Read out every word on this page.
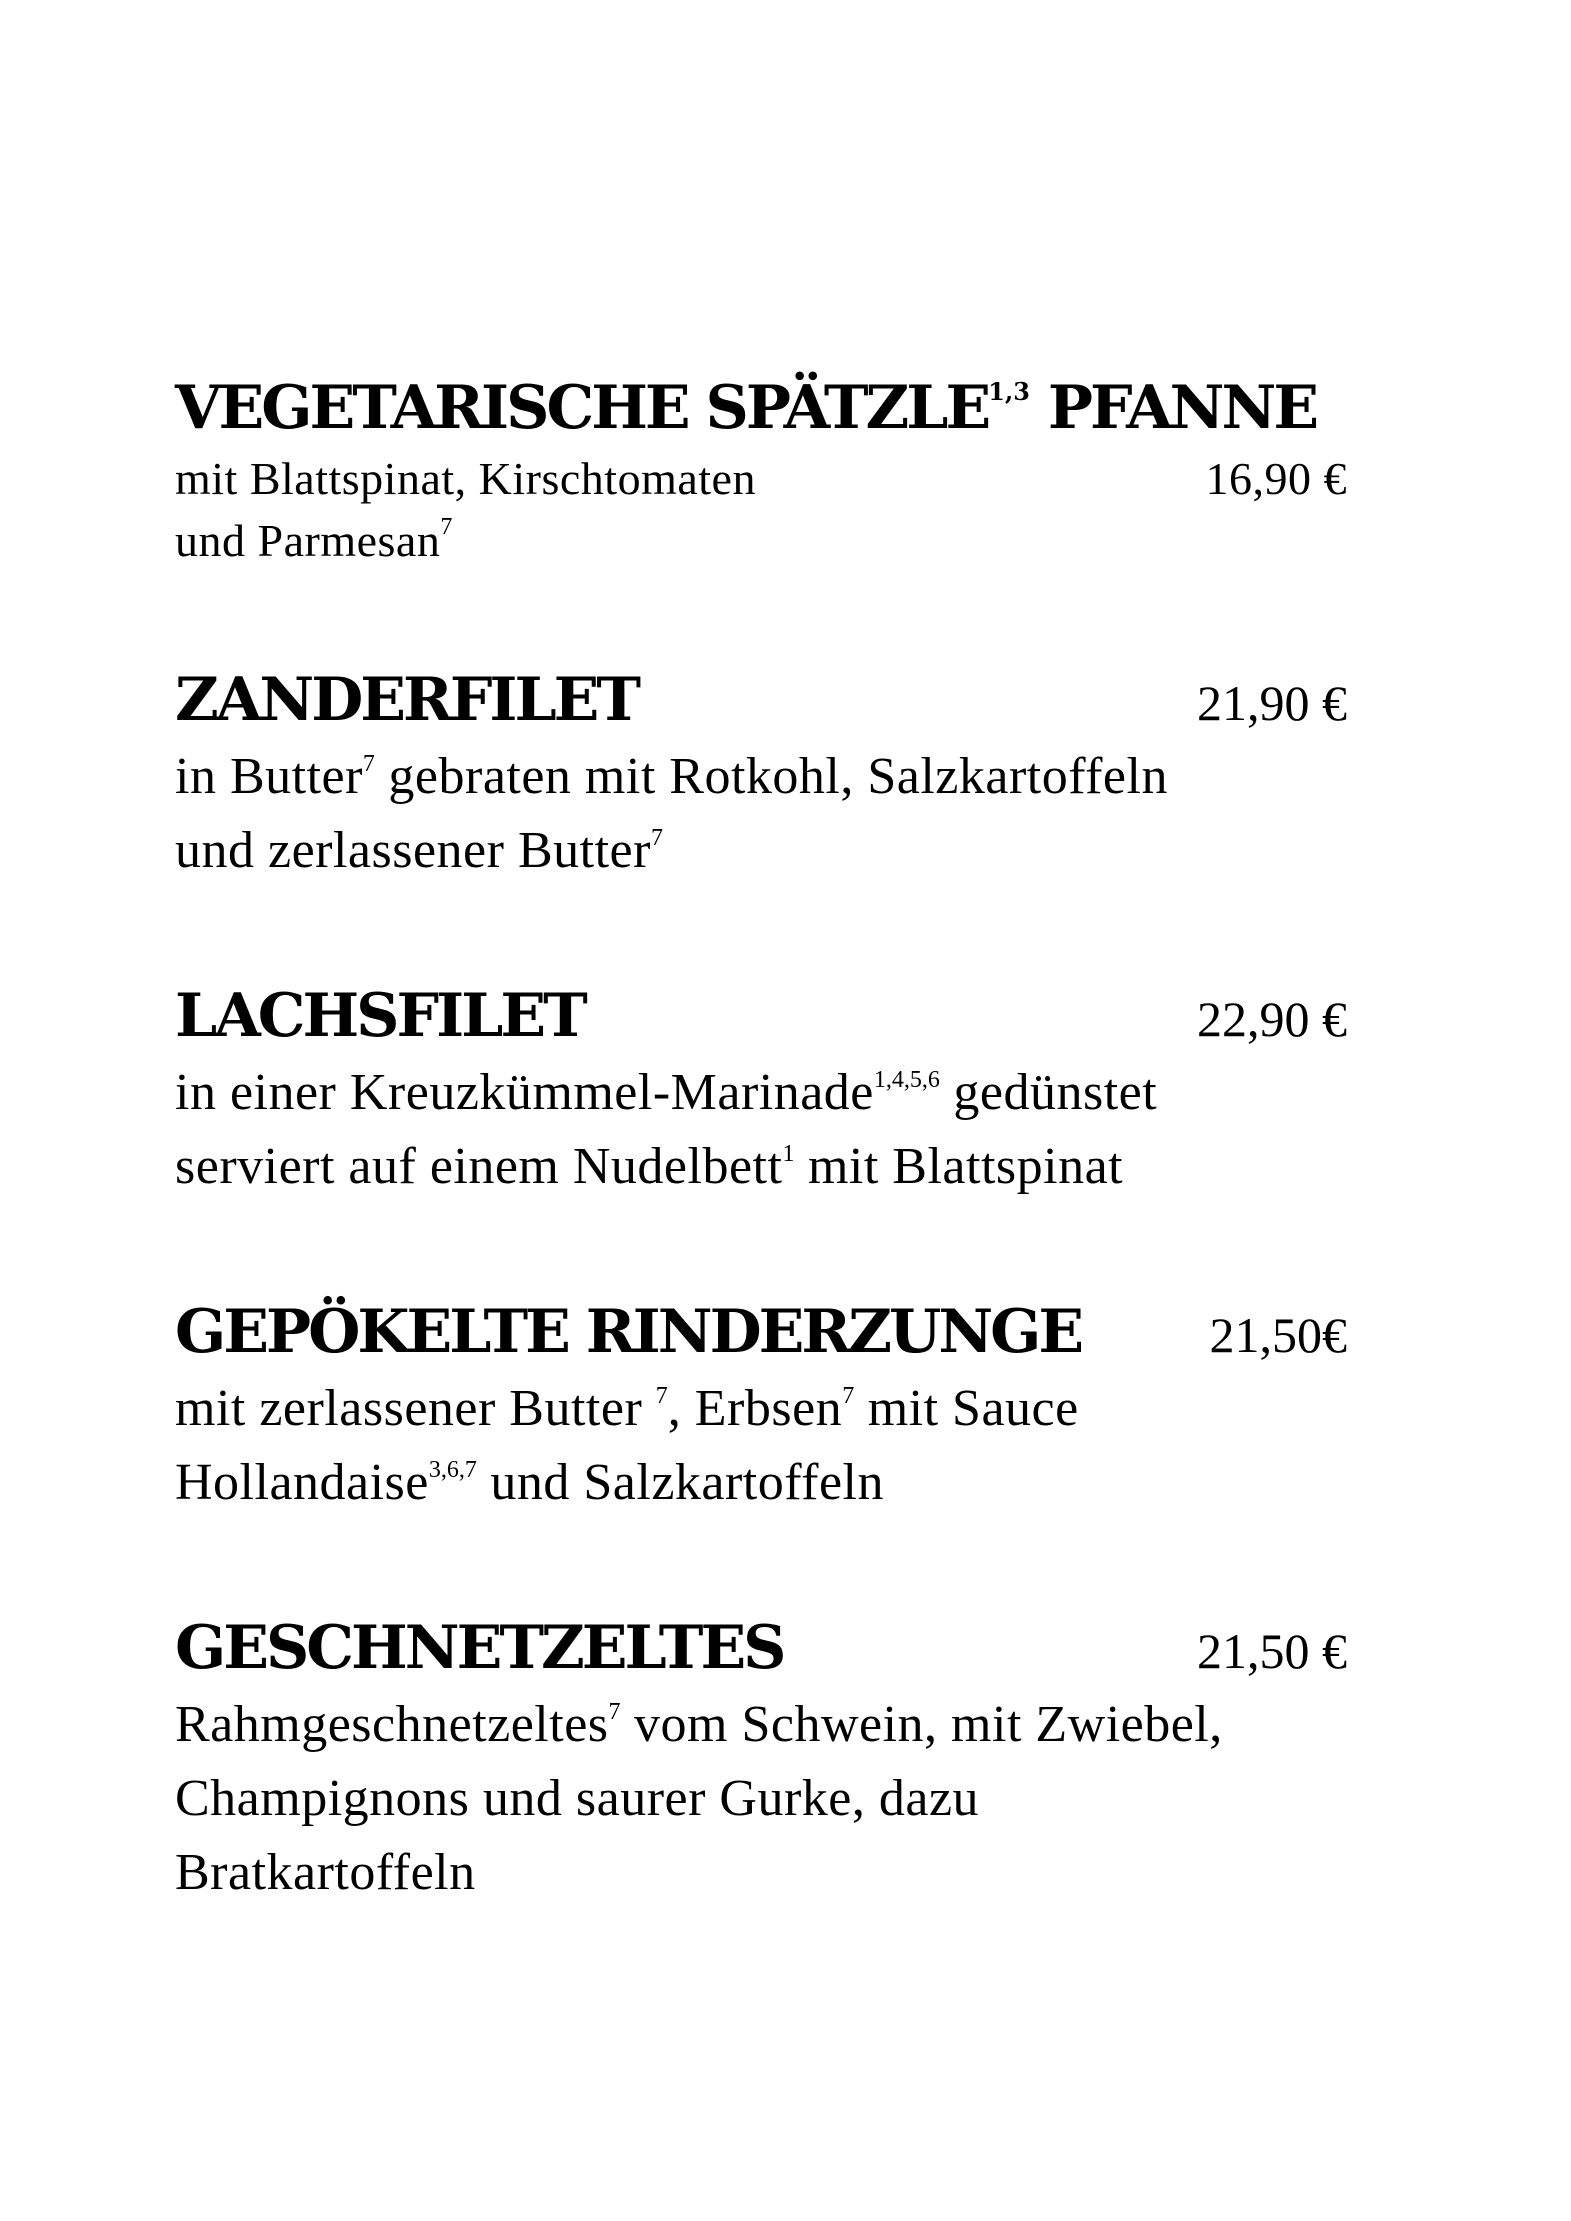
VEGETARISCHE SPÄTZLE$^{1,3}$ PFANNE
mit Blattspinat, Kirschtomaten	16,90 €
und Parmesan$^7$
ZANDERFILET	21,90 €
in Butter$^7$ gebraten mit Rotkohl, Salzkartoffeln
und zerlassener Butter$^7$
LACHSFILET	22,90 €
in einer Kreuzkümmel-Marinade$^{1,4,5,6}$ gedünstet
serviert auf einem Nudelbett$^1$ mit Blattspinat
GEPÖKELTE RINDERZUNGE	21,50€
mit zerlassener Butter $^7$, Erbsen$^7$ mit Sauce
Hollandaise$^{3,6,7}$ und Salzkartoffeln
GESCHNETZELTES	21,50 €
Rahmgeschnetzeltes$^7$ vom Schwein, mit Zwiebel,
Champignons und saurer Gurke, dazu
Bratkartoffeln
